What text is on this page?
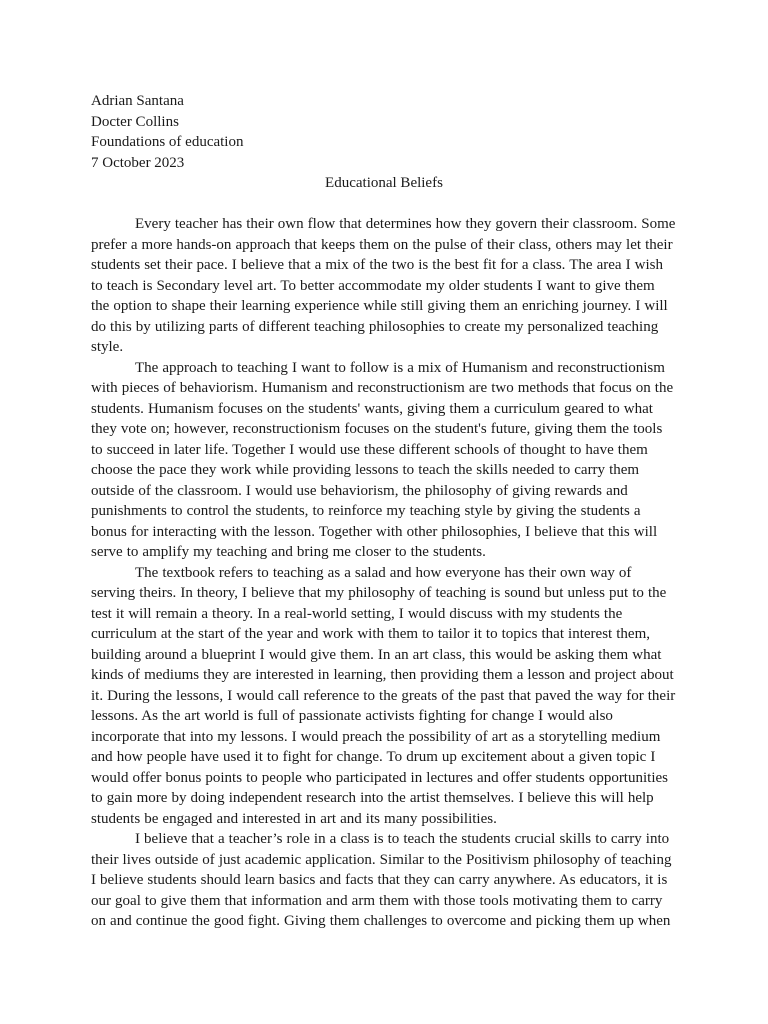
Adrian Santana

Docter Collins

Foundations of education

7 October 2023

Educational Beliefs

Every teacher has their own flow that determines how they govern their classroom. Some prefer a more hands-on approach that keeps them on the pulse of their class, others may let their students set their pace. I believe that a mix of the two is the best fit for a class. The area I wish to teach is Secondary level art. To better accommodate my older students I want to give them the option to shape their learning experience while still giving them an enriching journey. I will do this by utilizing parts of different teaching philosophies to create my personalized teaching style.

The approach to teaching I want to follow is a mix of Humanism and reconstructionism with pieces of behaviorism. Humanism and reconstructionism are two methods that focus on the students. Humanism focuses on the students' wants, giving them a curriculum geared to what they vote on; however, reconstructionism focuses on the student's future, giving them the tools to succeed in later life. Together I would use these different schools of thought to have them choose the pace they work while providing lessons to teach the skills needed to carry them outside of the classroom. I would use behaviorism, the philosophy of giving rewards and punishments to control the students, to reinforce my teaching style by giving the students a bonus for interacting with the lesson. Together with other philosophies, I believe that this will serve to amplify my teaching and bring me closer to the students.

The textbook refers to teaching as a salad and how everyone has their own way of serving theirs. In theory, I believe that my philosophy of teaching is sound but unless put to the test it will remain a theory. In a real-world setting, I would discuss with my students the curriculum at the start of the year and work with them to tailor it to topics that interest them, building around a blueprint I would give them. In an art class, this would be asking them what kinds of mediums they are interested in learning, then providing them a lesson and project about it. During the lessons, I would call reference to the greats of the past that paved the way for their lessons. As the art world is full of passionate activists fighting for change I would also incorporate that into my lessons. I would preach the possibility of art as a storytelling medium and how people have used it to fight for change. To drum up excitement about a given topic I would offer bonus points to people who participated in lectures and offer students opportunities to gain more by doing independent research into the artist themselves. I believe this will help students be engaged and interested in art and its many possibilities.

I believe that a teacher’s role in a class is to teach the students crucial skills to carry into their lives outside of just academic application. Similar to the Positivism philosophy of teaching I believe students should learn basics and facts that they can carry anywhere. As educators, it is our goal to give them that information and arm them with those tools motivating them to carry on and continue the good fight. Giving them challenges to overcome and picking them up when
